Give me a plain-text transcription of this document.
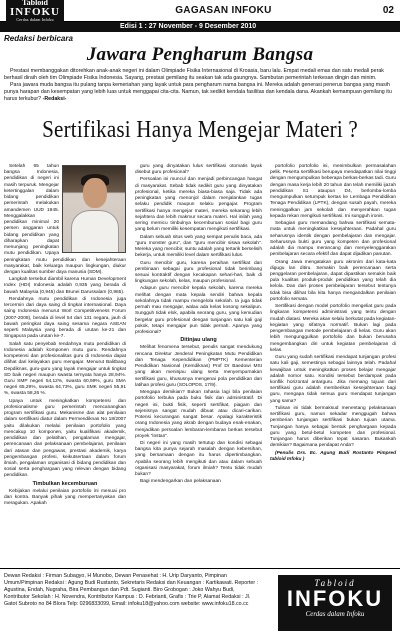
Tabloid
INFOKU
Cerdas dalam Infoku
GAGASAN INFOKU	02
Edisi 1 : 27 November - 9 Desember 2010
Redaksi berbicara
Jawara Pengharum Bangsa

Prestasi membanggakan ditorehkan anak-anak negeri ini dalam Olimpiade Fisika Internasional di Kroasia, baru lalu. Empat medali emas dan satu medali perak berhasil diraih oleh tim Olimpiade Fisika Indonesia. Sayang, prestasi gemilang itu seakan tak ada gaungnya. Sambutan pemerintah terkesan dingin dan minim.

Para jawara muda bangsa itu pulang tanpa kemeriahan yang layak untuk para pengharum nama bangsa ini. Mereka adalah generasi penerus bangsa yang masih punya harapan dan kesempatan yang lebih luas untuk menggapai cita-cita. Namun, tak sedikit kendala fasilitas dan kendala dana. Akankah kemampuan gemilang itu harus terkubur? -Redaksi-

Sertifikasi Hanya Mengejar Materi ?

Setelah 65 tahun bangsa Indonesia, pendidikan di negeri ini masih terpuruk. Mengejar ketertinggalan dalam bidang pendidikan pemerintah melakukan amandemen UUD 1945. Menggalakkan pendidikan minimal 20 persen anggaran untuk bidang pendidikan yang diharapkan dapat menunjang peningkatan mutu pendidikan. Upaya peningkatan mutu pendidikan dan kesejahteraan masyarakat, baik keluarga maupun lingkungan, diukur dengan kualitas sumber daya manusia (SDM).

Langkah tersebut diambil karena Human Development Index (HDI) Indonesia adalah 0,935 yang berada di bawah Malaysia (0,945) dan Brunei Darussalam (0,965).

Rendahnya mutu pendidikan di Indonesia juga tercermin dari daya saing di tingkat internasional. Daya saing Indonesia menurut Worl Competitiveness Forum (2007-2008), berada di level 54 dari 131 negara, jauh di bawah peringkat daya saing sesama negara ASEAN seperti Malaysia yang berada di urutan ke-21 dan Singapura pada urutan ke-7.

Salah satu penyebab rendahnya mutu pendidikan di Indonesia adalah komponen mutu guru. Rendahnya kompetensi dan profesionalitas guru di Indonesia dapat dilihat dari kelayakan guru mengajar. Menurut Balitbang Depdiknas, guru-guru yang layak mengajar untuk tingkat SD baik negeri maupun swasta ternyata hanya 28,94%. Guru SMP negeri 54,12%, swasta 60,99%, guru SMA negeri 65,29%, swasta 64,73%, guru SMK negeri 55,91 %, swasta 58,26 %.

Upaya untuk meningkatkan kompetensi dan profesionalisme guru pemerintah mencanangkan program sertifikasi guru. Mekanisme dan alat penilaian dalam sertifikasi diatur dalam Permendiknas No 18/2007 yaitu dilakukan melalui penilaian portofolio yang mencakup 10 komponen, yaitu kualifikasi akademik, pendidikan dan pelatihan, pengalaman mengajar, perencanaan dan pelaksanaan pembelajaran, penilaian dari atasan dan pengawas, prestasi akademik, karya pengembangan profesi, keikutsertaan dalam forum ilmiah, pengalaman organisasi di bidang pendidikan dan sosial serta penghargaan yang relevan dengan bidang pendidikan.

Timbulkan kecemburuan

Kebijakan melalui penilaian portofolio ini menuai pro dan kontra. Banyak pihak yang mempertanyakan dan meragukan. Apakah

guru yang dinyatakan lulus sertifikasi otomatis layak disebut guru profesional?

Persoalan ini muncul dan menjadi perbincangan hangat di masyarakat. Sebab tidak sedikit guru yang dinyatakan profesional, ketika mereka biasa-biasa saja. Tidak ada peningkatan yang menonjol dalam menjalankan tugas selaku pendidik maupun selaku pengajar. Program sertifikasi hanya mengejar materi, mereka sekarang lebih sejahtera dan lebih makmur secara materi. Hal inilah yang sering memicu timbulnya kecemburuan sosial bagi guru yang belum memiliki kesempatan mengikuti sertifikasi.

Dalam sebuah situs web yang sempat penulis baca, ada "guru monster guru", dan "guru mencibir siswa sekolah". Mereka yang mencibir, suntu adalah yang tertarik berselisih bekerja, untuk memiliki level dalam sertifikasi lulus.

Guru mencibir guru, karena peraihan sertifikat dan pembinaan sebagai guru profesional tidak berimbang sesuai kontraktif dengan kecakapan sehari-hari, baik di lingkungan sekolah, kelas, maupun profesional.

Adapun guru mencibir kepala sekolah, karena mereka melihat dengan mata kepala sendiri bahwa kepala sekolahnya tidak mampu mengelola sekolah. Ia juga tidak pernah mau mengajar, walau ada kelas kosong sekalipun. Sungguh tidak elok, apabila seorang guru, yang kemudian bergelar guru profesional dengan tunjangan satu kali gaji pokok, tetapi mengajar pun tidak pernah. Apanya yang profesional?

Ditinjau ulang

Melihat fenomena tersebut, penulis sangat mendukung rencana Direktur Jenderal Peningkatan Mutu Pendidikan dan Tenaga Kependidikan (PMPTK) Kementerian Pendidikan Nasional (Kemdiknas) Prof Dr Baedowi MSI yang akan meninjau ulang serta menyempurnakan sertifikasi guru, khususnya mengenai pola pendidikan dan latihan profesi guru (SOLOPDS, 17/9).

Mengapa demikian? Bukan rahasia lagi bila penilaian portofolio terbuka pada buku fisik dan administratif. Di negeri ini, bukti fisik, seperti sertifikat, piagam dan sejenisnya sangat mudah dibuat atau dicari-carikan. Potensi kecurangan sangat besar. Apalagi karakteristik orang Indonesia yang akrab dengan budaya enak-enakan, menjadikan persoalan lembaran-lembaran berkas tersebut proyek "instan".

Di negeri ini yang masih tertutup dan kondisi sebagai bangsa kita punya sejarah masalah dengan kebersihan, yang bersamaan dengan itu harus dipertimbangkan. Apabila seorang lebih mengikuti dan atau dalam sebuah organisasi masyarakat, forum ilmiah? Tentu tidak mudah bukan?

Bagi mendengarkan dan pelaksanaan

portofolio portofolio ini, menimbulkan permasalahan pelik. Peserta sertifikasi berupaya mendapatkan nilai tinggi dengan mengumpulkan beberapa berkas-berkas tadi. Guru dengan masa kerja lebih 20 tahun dan telah memiliki ijazah pendidikan S1 ataupun D4, berlomba-lomba mengumpulkan setumpuk kertas ke Lembaga Pendidikan Tenaga Pendidikan (LPTK), dengan susah payah, mereka meninggalkan jam sekolah dan menyerahkan tugas kepada rekan mengikuti sertifikasi. Ini sungguh ironis.

Sebagian guru memandang bahwa sertifikasi semata-mata untuk meningkatkan kesejahteraan. Padahal guru seharusnya identik dengan pembelajaran dan mengajar. Seharusnya bukti guru yang kompeten dan profesional adalah dia mampu merancang dan menyelenggarakan pembelajaran secara efektif dan dapat dijadikan panutan.

Orang Jawa mengatakan guru akronim dari kata-kata digugu lan ditiru. Semakin baik perencanaan serta penggelaran pembelajaran, dapat dipastikan semakin baik pula kualitas produk-produk pendidikan yang telah dia kelola. Dan dari proses pembelajaran tersebut tentunya tidak bisa dilihat bila kita hanya mengandalkan penilaian portofolio semata.

Sertifikasi dengan model portofolio mengeliat guru pada lingkaran kompetensi administrasi yang tentu dengan mudah diatasi. Mereka akan selalu berkutat pada kegiatan-kegiatan yang sifatnya normatif. Bukan lagi pada pengembangan metode pembelajaran di kelas. Guru akan lebih mengunggulkan portofolio dan bukan berusaha mengembangkan diri untuk kegiatan pembelajaran di kelas.

Guru yang sudah sertifikasi mendapat tunjangan profesi satu kali gaji, semestinya sebagai lainnya telah. Padahal kewajiban untuk meningkatkan proses belajar mengajar adalah nomor satu. Kondisi tersebut berdampak pada konflik horizontal antarguru. Jika memang tujuan dari sertifikasi guru adalah memberikan kesejahteraan bagi guru, mengapa tidak semua guru mendapat tunjangan yang sama?

Tulisan ini tidak bermaksud menentang pelaksanaan sertifikasi guru, namun sekadar menggugah bahwa pemberian tunjangan sertifikasi bukan tujuan utama. Tunjangan hanya sebagai bentuk penghargaan kepada guru yang betul-betul kompeten dan profesional. Tunjangan harus diberikan tepat sasaran. Bukankah demikian? Bagaimana pendapat Anda?

(Penulis Drs. Ec. Agung Budi Rostanto Pimpred tabloid Infoku )

Dewan Redaksi : Firman Subagyo, H Munobo, Dewan Penasehat : H. Urip Daryanto, Pimpinan Umum/Pimpinan Redaksi : Agung Budi Rustanto, Sekretaris Redaksi dan Keuangan : Kartikawati. Reporter : Agustina, Endah, Nugraha, Bira Pembangun dan Pdt. Sugianti. Biro Grobogan : Joko Wahyu Budi, Kontributor Sekolah : H. Novendra, Kontributor Kampus : D. Febrianti, Grafis : Trie P, Alamat Redaksi : Jl. Gatot Subroto no 84 Blora Telp: 0296833099, Email: infoku18@yahoo.com website: www.infoku18.co.cc
Tabloid
INFOKU
Cerdas dalam Infoku
